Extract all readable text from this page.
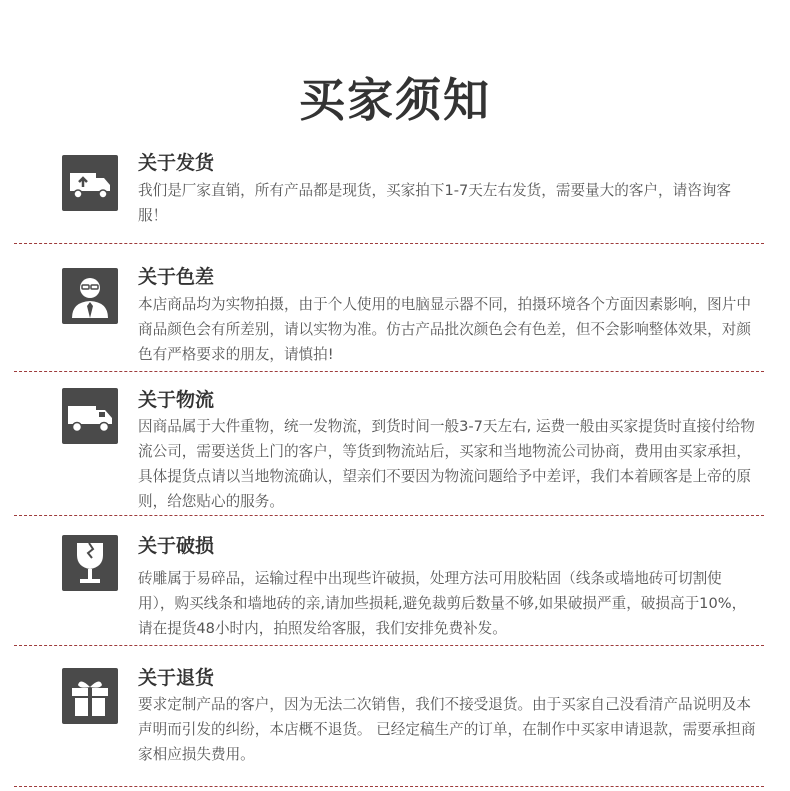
买家须知
关于发货
我们是厂家直销，所有产品都是现货，买家拍下1-7天左右发货，需要量大的客户，请咨询客服！
关于色差
本店商品均为实物拍摄，由于个人使用的电脑显示器不同，拍摄环境各个方面因素影响，图片中商品颜色会有所差别，请以实物为准。仿古产品批次颜色会有色差，但不会影响整体效果，对颜色有严格要求的朋友，请慎拍!
关于物流
因商品属于大件重物，统一发物流，到货时间一般3-7天左右, 运费一般由买家提货时直接付给物流公司，需要送货上门的客户，等货到物流站后，买家和当地物流公司协商，费用由买家承担，具体提货点请以当地物流确认，望亲们不要因为物流问题给予中差评，我们本着顾客是上帝的原则，给您贴心的服务。
关于破损
砖雕属于易碎品，运输过程中出现些许破损，处理方法可用胶粘固（线条或墙地砖可切割使用），购买线条和墙地砖的亲,请加些损耗,避免裁剪后数量不够,如果破损严重，破损高于10%，请在提货48小时内，拍照发给客服，我们安排免费补发。
关于退货
要求定制产品的客户，因为无法二次销售，我们不接受退货。由于买家自己没看清产品说明及本声明而引发的纠纷，本店概不退货。 已经定稿生产的订单，在制作中买家申请退款，需要承担商家相应损失费用。
